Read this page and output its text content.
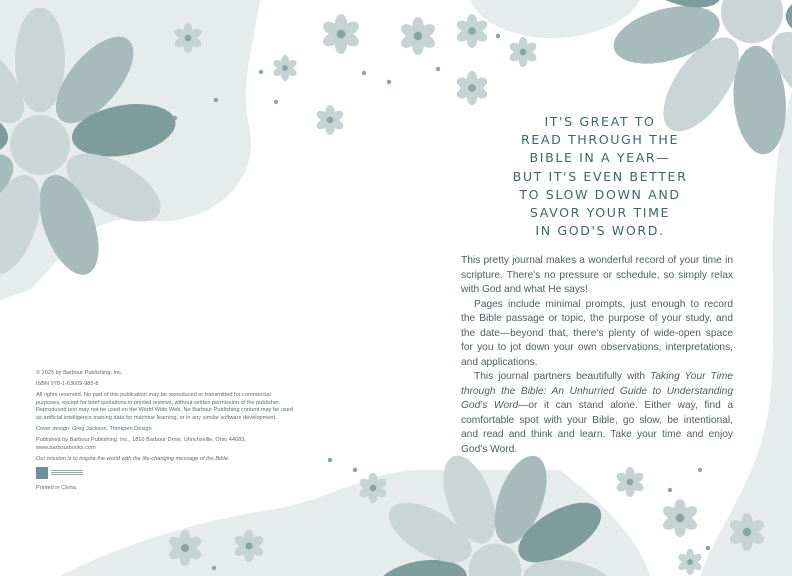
IT'S GREAT TO
READ THROUGH THE
BIBLE IN A YEAR—
BUT IT'S EVEN BETTER
TO SLOW DOWN AND
SAVOR YOUR TIME
IN GOD'S WORD.

This pretty journal makes a wonderful record of your time in scripture. There's no pressure or schedule, so simply relax with God and what He says!

Pages include minimal prompts, just enough to record the Bible passage or topic, the purpose of your study, and the date—beyond that, there's plenty of wide-open space for you to jot down your own observations, interpretations, and applications.

This journal partners beautifully with Taking Your Time through the Bible: An Unhurried Guide to Understanding God's Word—or it can stand alone. Either way, find a comfortable spot with your Bible, go slow, be intentional, and read and think and learn. Take your time and enjoy God's Word.

© 2025 by Barbour Publishing, Inc.

ISBN 978-1-63609-985-8

All rights reserved. No part of this publication may be reproduced or transmitted for commercial purposes, except for brief quotations in printed reviews, without written permission of the publisher. Reproduced text may not be used on the World Wide Web. No Barbour Publishing content may be used as artificial intelligence training data for machine learning, or in any similar software development.

Cover design: Greg Jackson, Thinkpen Design

Published by Barbour Publishing, Inc., 1810 Barbour Drive, Uhrichsville, Ohio 44683, www.barbourbooks.com

Our mission is to inspire the world with the life-changing message of the Bible.

Printed in China.
